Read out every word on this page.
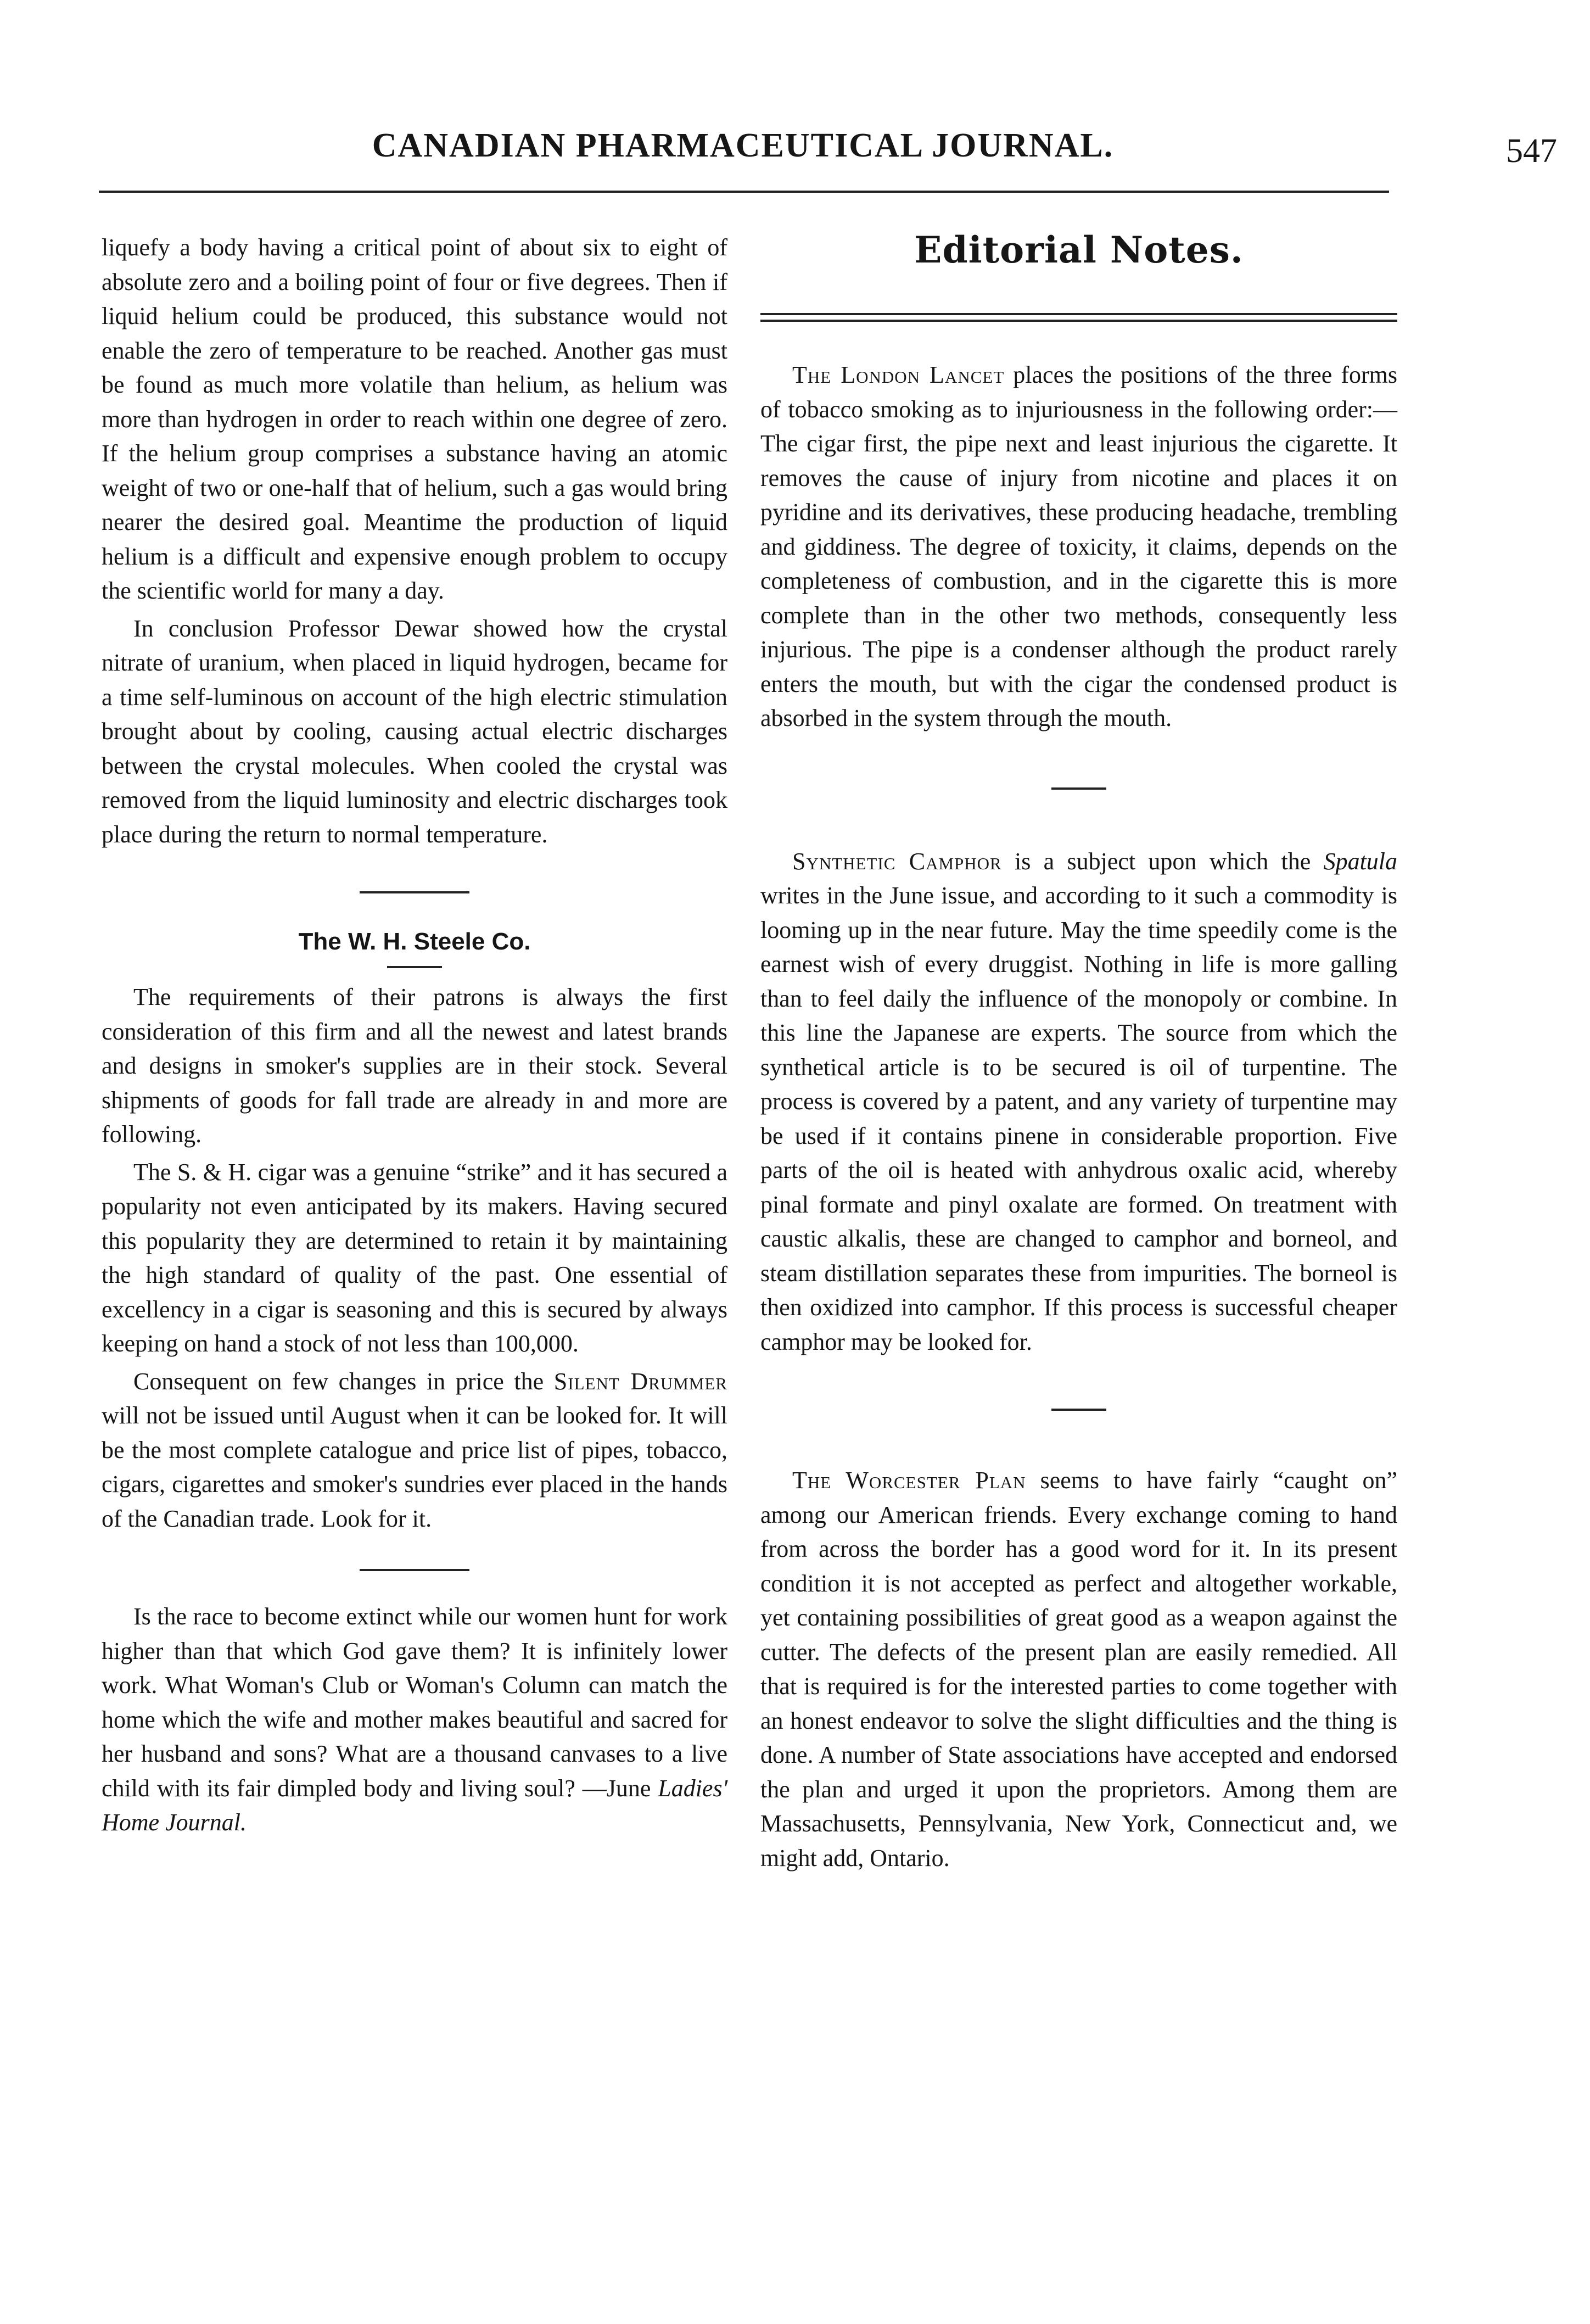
CANADIAN PHARMACEUTICAL JOURNAL.	547

liquefy a body having a critical point of about six to eight of absolute zero and a boiling point of four or five degrees. Then if liquid helium could be produced, this substance would not enable the zero of temperature to be reached. Another gas must be found as much more volatile than helium, as helium was more than hydrogen in order to reach within one degree of zero. If the helium group comprises a substance having an atomic weight of two or one-half that of helium, such a gas would bring nearer the desired goal. Meantime the production of liquid helium is a difficult and expensive enough problem to occupy the scientific world for many a day.

In conclusion Professor Dewar showed how the crystal nitrate of uranium, when placed in liquid hydrogen, became for a time self-luminous on account of the high electric stimulation brought about by cooling, causing actual electric discharges between the crystal molecules. When cooled the crystal was removed from the liquid luminosity and electric discharges took place during the return to normal temperature.

The W. H. Steele Co.

The requirements of their patrons is always the first consideration of this firm and all the newest and latest brands and designs in smoker's supplies are in their stock. Several shipments of goods for fall trade are already in and more are following.

The S. & H. cigar was a genuine “strike” and it has secured a popularity not even anticipated by its makers. Having secured this popularity they are determined to retain it by maintaining the high standard of quality of the past. One essential of excellency in a cigar is seasoning and this is secured by always keeping on hand a stock of not less than 100,000.

Consequent on few changes in price the Silent Drummer will not be issued until August when it can be looked for. It will be the most complete catalogue and price list of pipes, tobacco, cigars, cigarettes and smoker's sundries ever placed in the hands of the Canadian trade. Look for it.

Is the race to become extinct while our women hunt for work higher than that which God gave them? It is infinitely lower work. What Woman's Club or Woman's Column can match the home which the wife and mother makes beautiful and sacred for her husband and sons? What are a thousand canvases to a live child with its fair dimpled body and living soul? —June Ladies' Home Journal.

Editorial Notes.

The London Lancet places the positions of the three forms of tobacco smoking as to injuriousness in the following order:—The cigar first, the pipe next and least injurious the cigarette. It removes the cause of injury from nicotine and places it on pyridine and its derivatives, these producing headache, trembling and giddiness. The degree of toxicity, it claims, depends on the completeness of combustion, and in the cigarette this is more complete than in the other two methods, consequently less injurious. The pipe is a condenser although the product rarely enters the mouth, but with the cigar the condensed product is absorbed in the system through the mouth.

Synthetic Camphor is a subject upon which the Spatula writes in the June issue, and according to it such a commodity is looming up in the near future. May the time speedily come is the earnest wish of every druggist. Nothing in life is more galling than to feel daily the influence of the monopoly or combine. In this line the Japanese are experts. The source from which the synthetical article is to be secured is oil of turpentine. The process is covered by a patent, and any variety of turpentine may be used if it contains pinene in considerable proportion. Five parts of the oil is heated with anhydrous oxalic acid, whereby pinal formate and pinyl oxalate are formed. On treatment with caustic alkalis, these are changed to camphor and borneol, and steam distillation separates these from impurities. The borneol is then oxidized into camphor. If this process is successful cheaper camphor may be looked for.

The Worcester Plan seems to have fairly “caught on” among our American friends. Every exchange coming to hand from across the border has a good word for it. In its present condition it is not accepted as perfect and altogether workable, yet containing possibilities of great good as a weapon against the cutter. The defects of the present plan are easily remedied. All that is required is for the interested parties to come together with an honest endeavor to solve the slight difficulties and the thing is done. A number of State associations have accepted and endorsed the plan and urged it upon the proprietors. Among them are Massachusetts, Pennsylvania, New York, Connecticut and, we might add, Ontario.
